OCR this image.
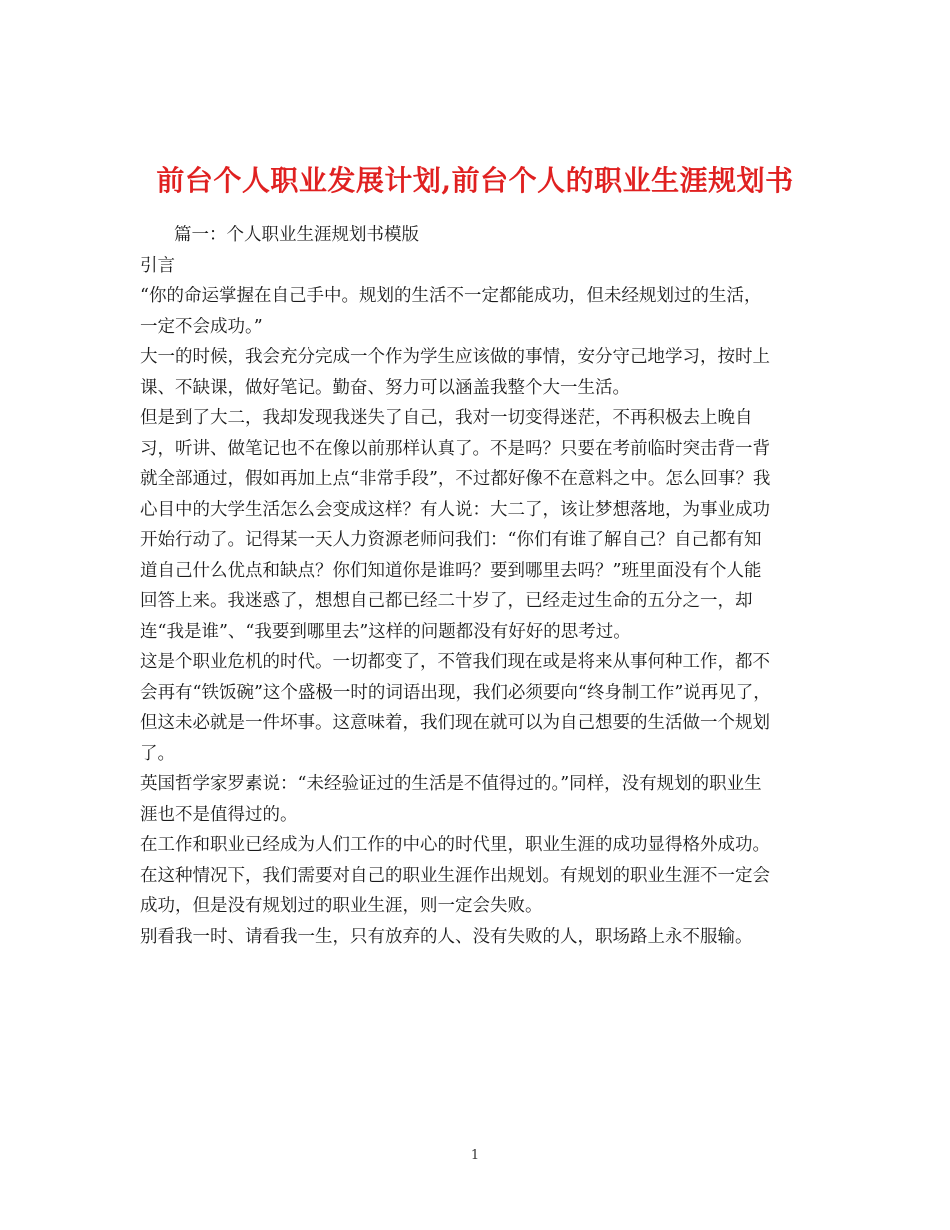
前台个人职业发展计划,前台个人的职业生涯规划书

篇一：个人职业生涯规划书模版

引言

“你的命运掌握在自己手中。规划的生活不一定都能成功，但未经规划过的生活，

一定不会成功。”

大一的时候，我会充分完成一个作为学生应该做的事情，安分守己地学习，按时上

课、不缺课，做好笔记。勤奋、努力可以涵盖我整个大一生活。

但是到了大二，我却发现我迷失了自己，我对一切变得迷茫，不再积极去上晚自

习，听讲、做笔记也不在像以前那样认真了。不是吗？只要在考前临时突击背一背

就全部通过，假如再加上点“非常手段”，不过都好像不在意料之中。怎么回事？我

心目中的大学生活怎么会变成这样？有人说：大二了，该让梦想落地，为事业成功

开始行动了。记得某一天人力资源老师问我们：“你们有谁了解自己？自己都有知

道自己什么优点和缺点？你们知道你是谁吗？要到哪里去吗？”班里面没有个人能

回答上来。我迷惑了，想想自己都已经二十岁了，已经走过生命的五分之一，却

连“我是谁”、“我要到哪里去”这样的问题都没有好好的思考过。

这是个职业危机的时代。一切都变了，不管我们现在或是将来从事何种工作，都不

会再有“铁饭碗”这个盛极一时的词语出现，我们必须要向“终身制工作”说再见了，

但这未必就是一件坏事。这意味着，我们现在就可以为自己想要的生活做一个规划

了。

英国哲学家罗素说：“未经验证过的生活是不值得过的。”同样，没有规划的职业生

涯也不是值得过的。

在工作和职业已经成为人们工作的中心的时代里，职业生涯的成功显得格外成功。

在这种情况下，我们需要对自己的职业生涯作出规划。有规划的职业生涯不一定会

成功，但是没有规划过的职业生涯，则一定会失败。

别看我一时、请看我一生，只有放弃的人、没有失败的人，职场路上永不服输。

1
